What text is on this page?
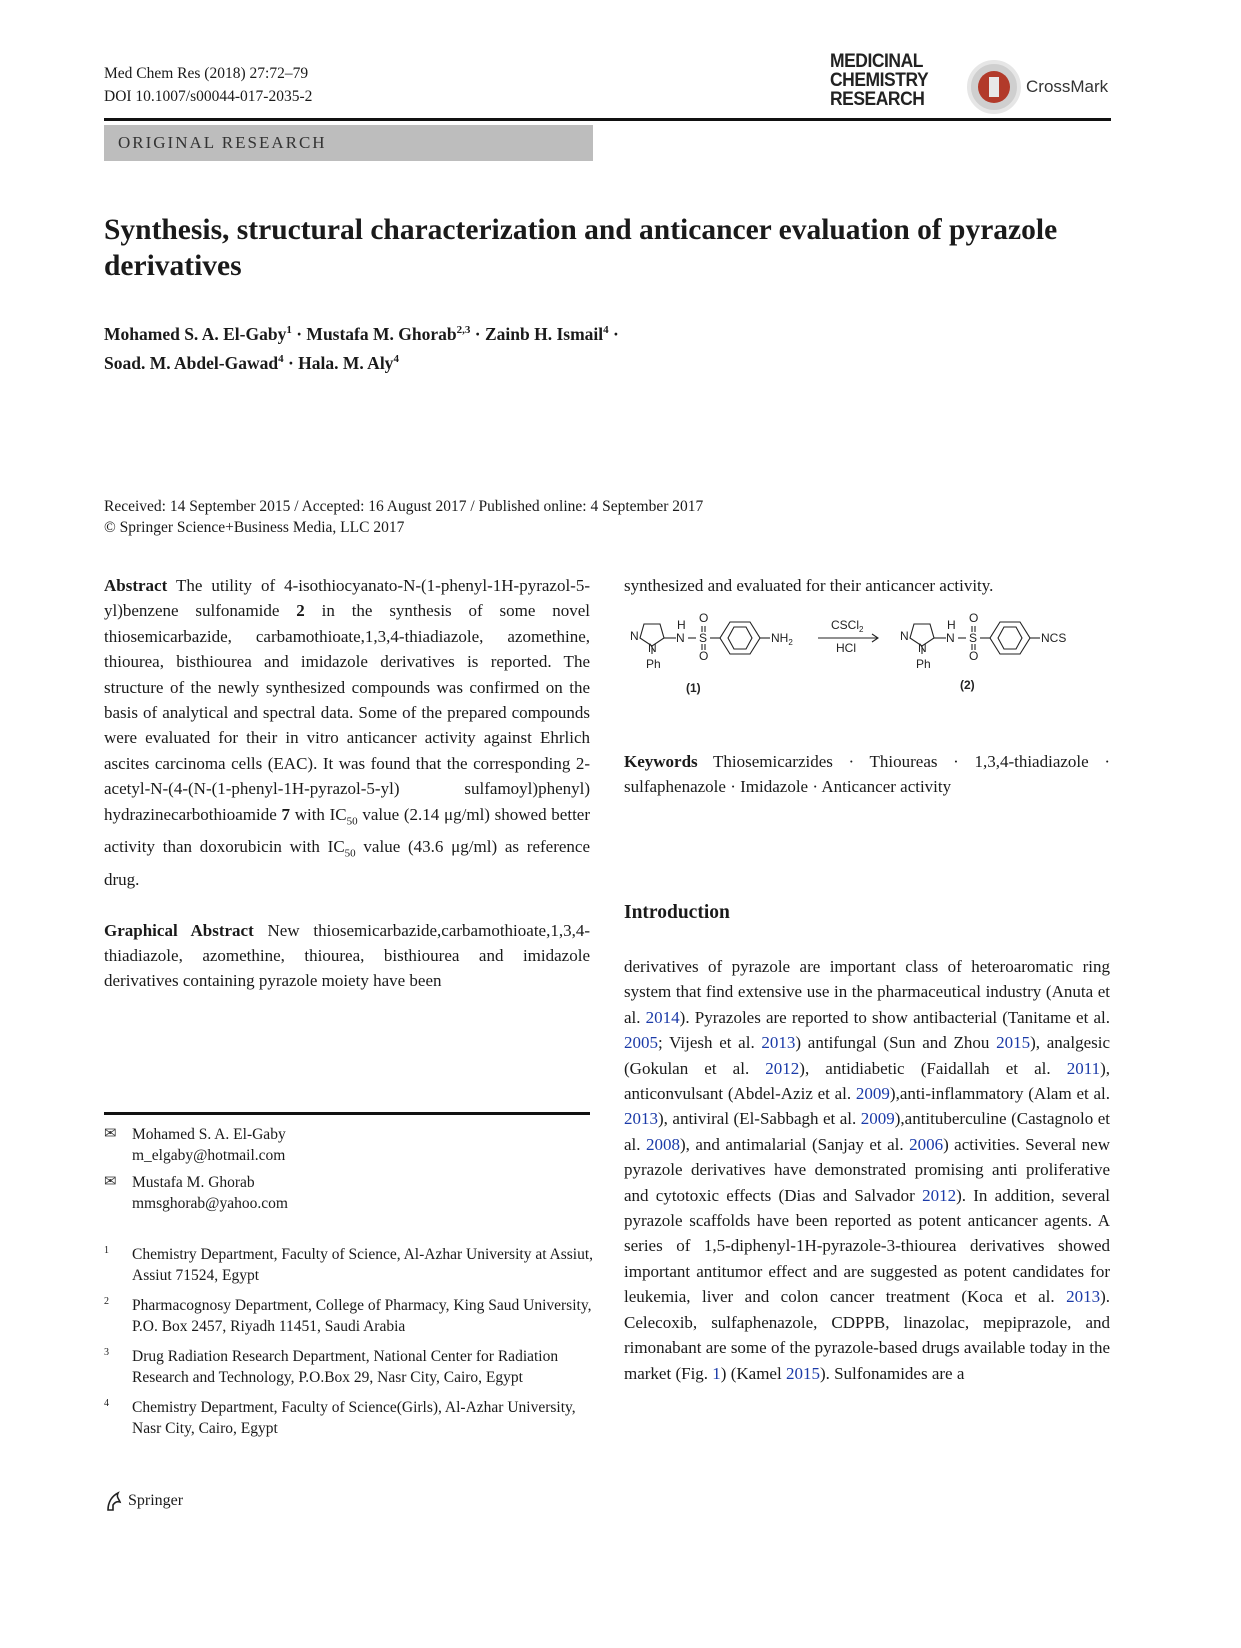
Med Chem Res (2018) 27:72–79
DOI 10.1007/s00044-017-2035-2
MEDICINAL
CHEMISTRY
RESEARCH
CrossMark
ORIGINAL RESEARCH
Synthesis, structural characterization and anticancer evaluation of pyrazole derivatives
Mohamed S. A. El-Gaby$^1$ · Mustafa M. Ghorab$^{2,3}$ · Zainb H. Ismail$^4$ ·
Soad. M. Abdel-Gawad$^4$ · Hala. M. Aly$^4$
Received: 14 September 2015 / Accepted: 16 August 2017 / Published online: 4 September 2017
© Springer Science+Business Media, LLC 2017
Abstract The utility of 4-isothiocyanato-N-(1-phenyl-1H-pyrazol-5-yl)benzene sulfonamide 2 in the synthesis of some novel thiosemicarbazide, carbamothioate,1,3,4-thiadiazole, azomethine, thiourea, bisthiourea and imidazole derivatives is reported. The structure of the newly synthesized compounds was confirmed on the basis of analytical and spectral data. Some of the prepared compounds were evaluated for their in vitro anticancer activity against Ehrlich ascites carcinoma cells (EAC). It was found that the corresponding 2-acetyl-N-(4-(N-(1-phenyl-1H-pyrazol-5-yl) sulfamoyl)phenyl) hydrazinecarbothioamide 7 with $IC_{50}$ value (2.14 μg/ml) showed better activity than doxorubicin with $IC_{50}$ value (43.6 μg/ml) as reference drug.
Graphical Abstract New thiosemicarbazide,carbamothioate,1,3,4-thiadiazole, azomethine, thiourea, bisthiourea and imidazole derivatives containing pyrazole moiety have been
✉ Mohamed S. A. El-Gaby
m_elgaby@hotmail.com
✉ Mustafa M. Ghorab
mmsghorab@yahoo.com
1	Chemistry Department, Faculty of Science, Al-Azhar University at Assiut, Assiut 71524, Egypt
2	Pharmacognosy Department, College of Pharmacy, King Saud University, P.O. Box 2457, Riyadh 11451, Saudi Arabia
3	Drug Radiation Research Department, National Center for Radiation Research and Technology, P.O.Box 29, Nasr City, Cairo, Egypt
4	Chemistry Department, Faculty of Science(Girls), Al-Azhar University, Nasr City, Cairo, Egypt
Springer
synthesized and evaluated for their anticancer activity.
N
N
Ph
H
N
O
S
O
$NH_2$
CSCl$_2$
HCl
N
N
Ph
H
N
O
S
O
NCS
(1)	(2)
Keywords Thiosemicarzides · Thioureas · 1,3,4-thiadiazole · sulfaphenazole · Imidazole · Anticancer activity
Introduction
derivatives of pyrazole are important class of heteroaromatic ring system that find extensive use in the pharmaceutical industry (Anuta et al. 2014). Pyrazoles are reported to show antibacterial (Tanitame et al. 2005; Vijesh et al. 2013) antifungal (Sun and Zhou 2015), analgesic (Gokulan et al. 2012), antidiabetic (Faidallah et al. 2011), anticonvulsant (Abdel-Aziz et al. 2009),anti-inflammatory (Alam et al. 2013), antiviral (El-Sabbagh et al. 2009),antituberculine (Castagnolo et al. 2008), and antimalarial (Sanjay et al. 2006) activities. Several new pyrazole derivatives have demonstrated promising anti proliferative and cytotoxic effects (Dias and Salvador 2012). In addition, several pyrazole scaffolds have been reported as potent anticancer agents. A series of 1,5-diphenyl-1H-pyrazole-3-thiourea derivatives showed important antitumor effect and are suggested as potent candidates for leukemia, liver and colon cancer treatment (Koca et al. 2013). Celecoxib, sulfaphenazole, CDPPB, linazolac, mepiprazole, and rimonabant are some of the pyrazole-based drugs available today in the market (Fig. 1) (Kamel 2015). Sulfonamides are a
